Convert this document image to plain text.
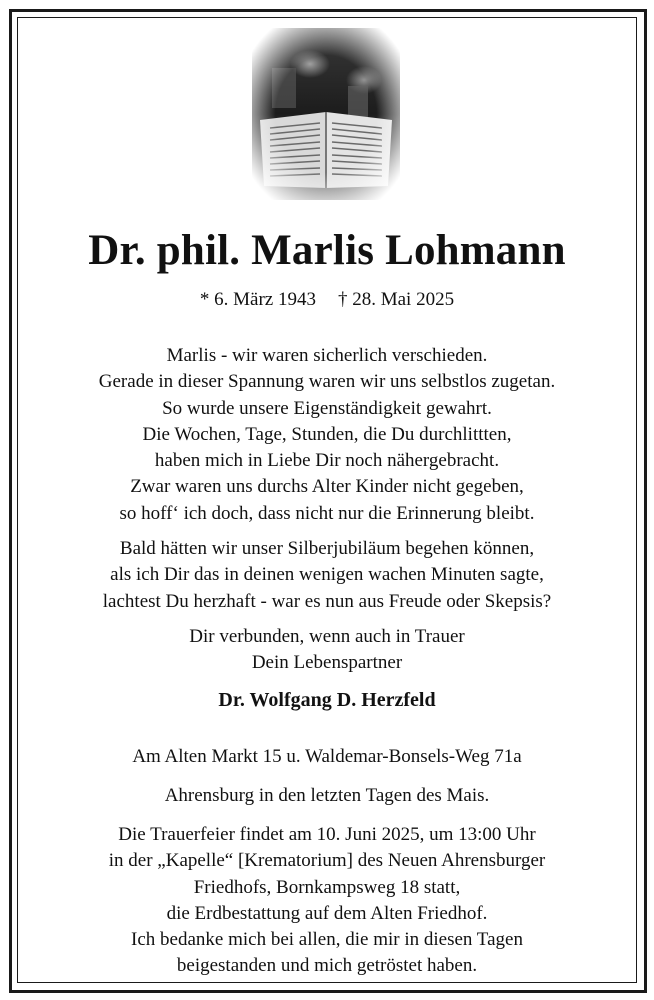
Dr. phil. Marlis Lohmann
* 6. März 1943 † 28. Mai 2025
Marlis - wir waren sicherlich verschieden.
Gerade in dieser Spannung waren wir uns selbstlos zugetan.
So wurde unsere Eigenständigkeit gewahrt.
Die Wochen, Tage, Stunden, die Du durchlittten,
haben mich in Liebe Dir noch nähergebracht.
Zwar waren uns durchs Alter Kinder nicht gegeben,
so hoff‘ ich doch, dass nicht nur die Erinnerung bleibt.
Bald hätten wir unser Silberjubiläum begehen können,
als ich Dir das in deinen wenigen wachen Minuten sagte,
lachtest Du herzhaft - war es nun aus Freude oder Skepsis?
Dir verbunden, wenn auch in Trauer
Dein Lebenspartner
Dr. Wolfgang D. Herzfeld
Am Alten Markt 15 u. Waldemar-Bonsels-Weg 71a
Ahrensburg in den letzten Tagen des Mais.
Die Trauerfeier findet am 10. Juni 2025, um 13:00 Uhr
in der „Kapelle“ [Krematorium] des Neuen Ahrensburger
Friedhofs, Bornkampsweg 18 statt,
die Erdbestattung auf dem Alten Friedhof.
Ich bedanke mich bei allen, die mir in diesen Tagen
beigestanden und mich getröstet haben.
